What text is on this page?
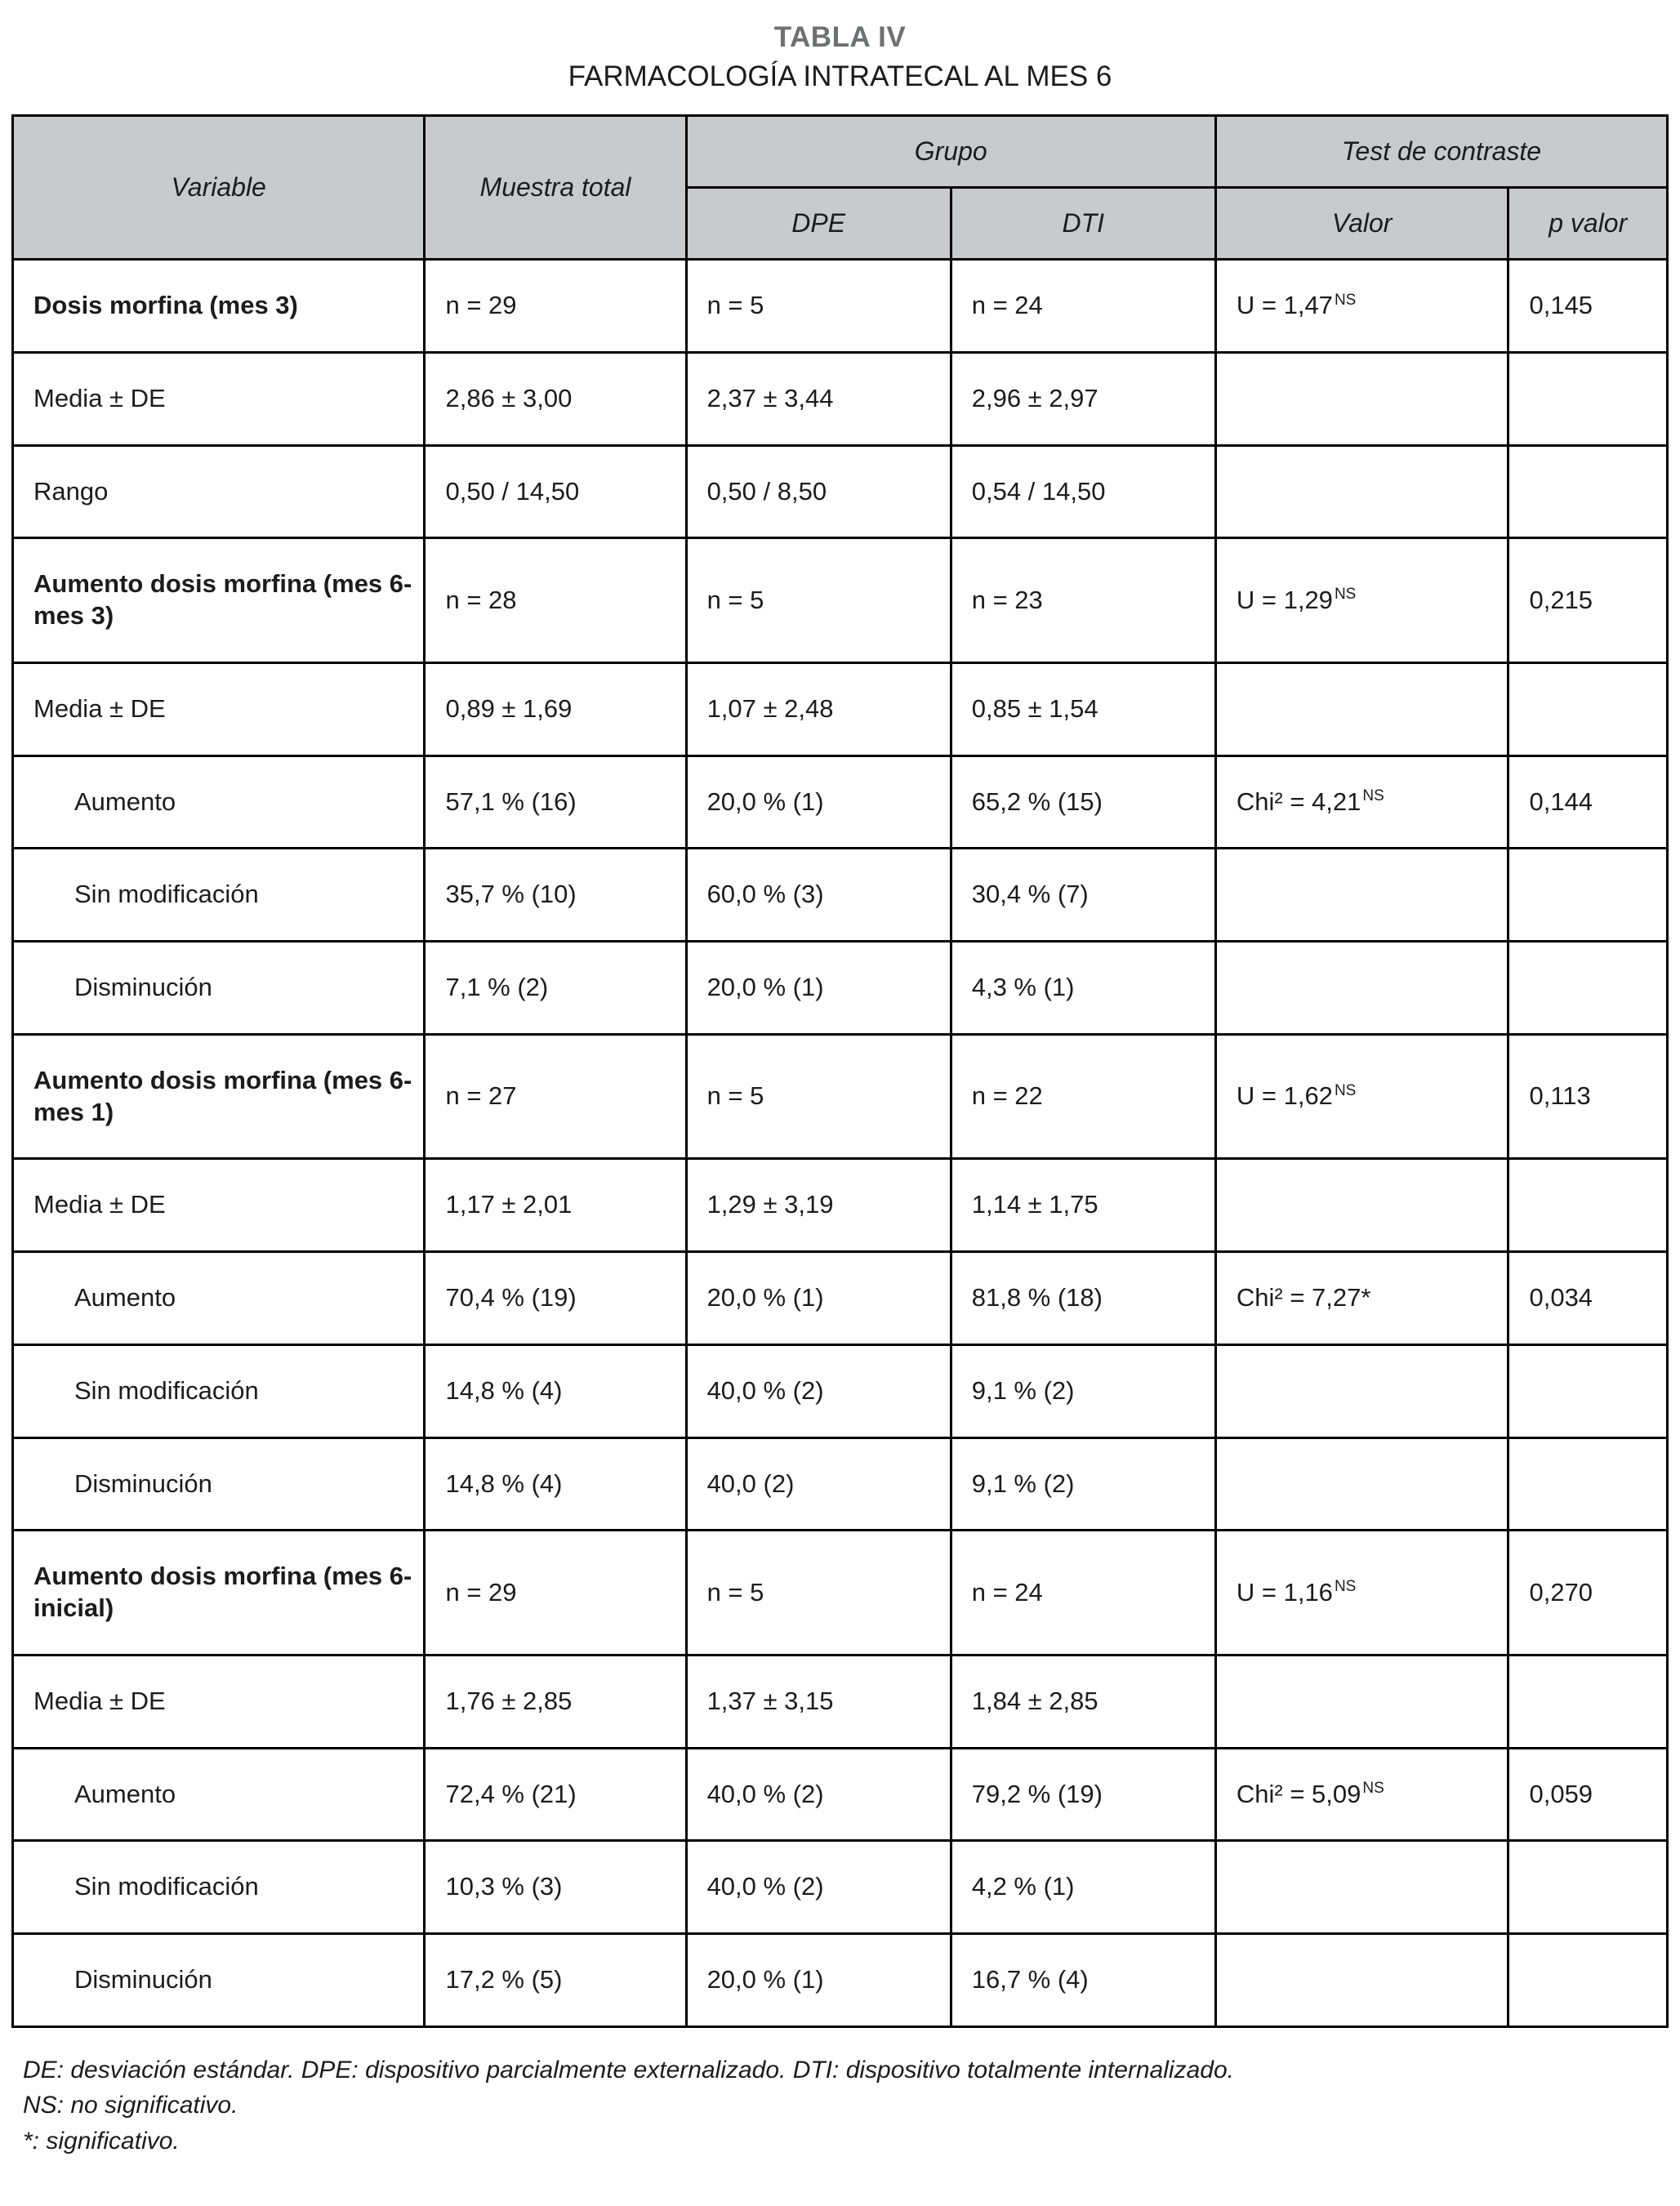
TABLA IV
FARMACOLOGÍA INTRATECAL AL MES 6
Variable	Muestra total	Grupo		Test de contraste	
		DPE	DTI	Valor	p valor
Dosis morfina (mes 3)	n = 29	n = 5	n = 24	U = 1,47 $^{NS}$	0,145
Media ± DE	2,86 ± 3,00	2,37 ± 3,44	2,96 ± 2,97		
Rango	0,50 / 14,50	0,50 / 8,50	0,54 / 14,50		
Aumento dosis morfina (mes 6- mes 3)	n = 28	n = 5	n = 23	U = 1,29 $^{NS}$	0,215
Media ± DE	0,89 ± 1,69	1,07 ± 2,48	0,85 ± 1,54		
Aumento	57,1 % (16)	20,0 % (1)	65,2 % (15)	Chi² = 4,21 $^{NS}$	0,144
Sin modificación	35,7 % (10)	60,0 % (3)	30,4 % (7)		
Disminución	7,1 % (2)	20,0 % (1)	4,3 % (1)		
Aumento dosis morfina (mes 6- mes 1)	n = 27	n = 5	n = 22	U = 1,62 $^{NS}$	0,113
Media ± DE	1,17 ± 2,01	1,29 ± 3,19	1,14 ± 1,75		
Aumento	70,4 % (19)	20,0 % (1)	81,8 % (18)	Chi² = 7,27*	0,034
Sin modificación	14,8 % (4)	40,0 % (2)	9,1 % (2)		
Disminución	14,8 % (4)	40,0 (2)	9,1 % (2)		
Aumento dosis morfina (mes 6- inicial)	n = 29	n = 5	n = 24	U = 1,16 $^{NS}$	0,270
Media ± DE	1,76 ± 2,85	1,37 ± 3,15	1,84 ± 2,85		
Aumento	72,4 % (21)	40,0 % (2)	79,2 % (19)	Chi² = 5,09 $^{NS}$	0,059
Sin modificación	10,3 % (3)	40,0 % (2)	4,2 % (1)		
Disminución	17,2 % (5)	20,0 % (1)	16,7 % (4)		

DE: desviación estándar. DPE: dispositivo parcialmente externalizado. DTI: dispositivo totalmente internalizado.

NS: no significativo.

*: significativo.
